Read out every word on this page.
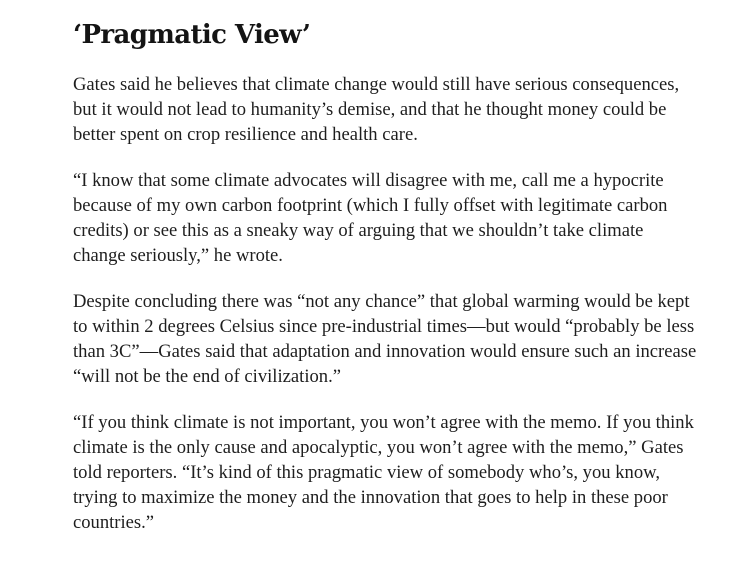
‘Pragmatic View’

Gates said he believes that climate change would still have serious consequences, but it would not lead to humanity’s demise, and that he thought money could be better spent on crop resilience and health care.

“I know that some climate advocates will disagree with me, call me a hypocrite because of my own carbon footprint (which I fully offset with legitimate carbon credits) or see this as a sneaky way of arguing that we shouldn’t take climate change seriously,” he wrote.

Despite concluding there was “not any chance” that global warming would be kept to within 2 degrees Celsius since pre-industrial times—but would “probably be less than 3C”—Gates said that adaptation and innovation would ensure such an increase “will not be the end of civilization.”

“If you think climate is not important, you won’t agree with the memo. If you think climate is the only cause and apocalyptic, you won’t agree with the memo,” Gates told reporters. “It’s kind of this pragmatic view of somebody who’s, you know, trying to maximize the money and the innovation that goes to help in these poor countries.”
